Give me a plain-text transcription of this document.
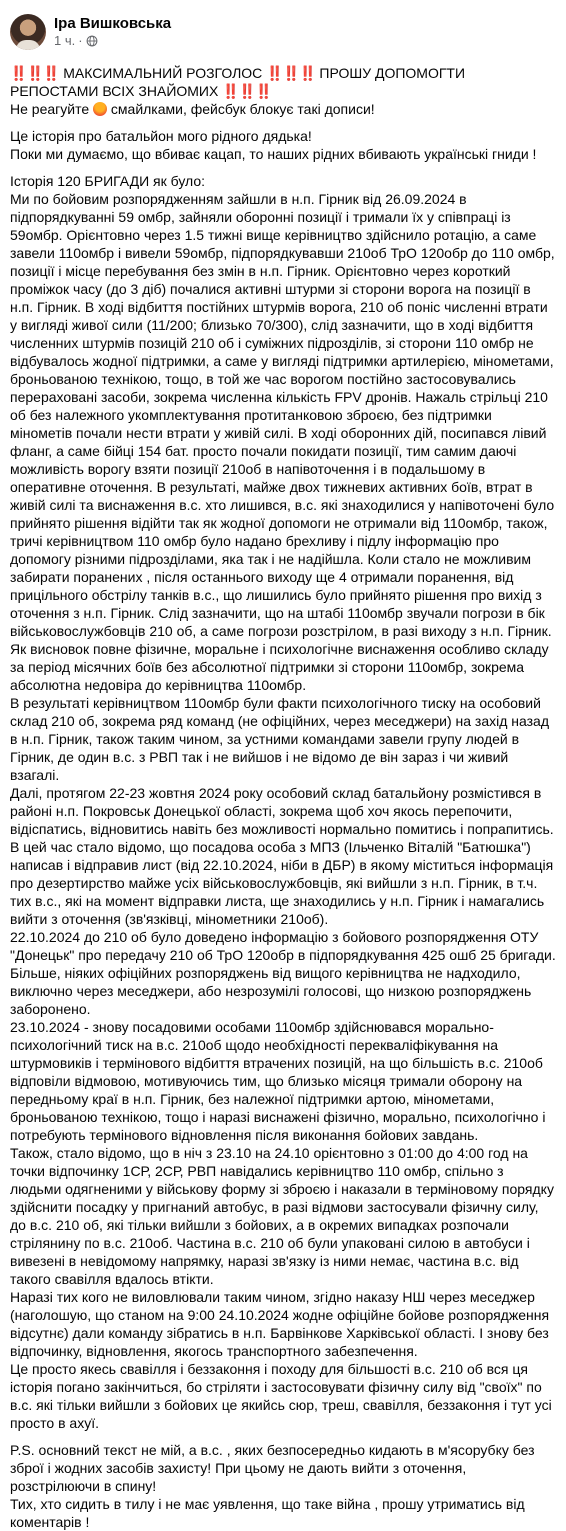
Іра Вишковська
1 ч. ·

‼️‼️‼️ МАКСИМАЛЬНИЙ РОЗГОЛОС ‼️‼️‼️ ПРОШУ ДОПОМОГТИ РЕПОСТАМИ ВСІХ ЗНАЙОМИХ ‼️‼️‼️

Не реагуйте смайлками, фейсбук блокує такі дописи!

Це історія про батальйон мого рідного дядька!

Поки ми думаємо, що вбиває кацап, то наших рідних вбивають українські гниди !

Історія 120 БРИГАДИ як було:

Ми по бойовим розпорядженням зайшли в н.п. Гірник від 26.09.2024 в підпорядкуванні 59 омбр, зайняли оборонні позиції і тримали їх у співпраці із 59омбр. Орієнтовно через 1.5 тижні вище керівництво здійснило ротацію, а саме завели 110омбр і вивели 59омбр, підпорядкувавши 210об ТрО 120обр до 110 омбр, позиції і місце перебування без змін в н.п. Гірник. Орієнтовно через короткий проміжок часу (до 3 діб) почалися активні штурми зі сторони ворога на позиції в н.п. Гірник. В ході відбиття постійних штурмів ворога, 210 об поніс численні втрати у вигляді живої сили (11/200; близько 70/300), слід зазначити, що в ході відбиття численних штурмів позицій 210 об і суміжних підрозділів, зі сторони 110 омбр не відбувалось жодної підтримки, а саме у вигляді підтримки артилерією, мінометами, броньованою технікою, тощо, в той же час ворогом постійно застосовувались перераховані засоби, зокрема численна кількість FPV дронів. Нажаль стрільці 210 об без належного укомплектування протитанковою зброєю, без підтримки мінометів почали нести втрати у живій силі. В ході оборонних дій, посипався лівий фланг, а саме бійці 154 бат. просто почали покидати позиції, тим самим даючі можливість ворогу взяти позиції 210об в напівоточення і в подальшому в оперативне оточення. В результаті, майже двох тижневих активних боїв, втрат в живій силі та виснаження в.с. хто лишився, в.с. які знаходилися у напівоточені було прийнято рішення відійти так як жодної допомоги не отримали від 110омбр, також, тричі керівництвом 110 омбр було надано брехливу і підлу інформацію про допомогу різними підрозділами, яка так і не надійшла. Коли стало не можливим забирати поранених , після останнього виходу ще 4 отримали поранення, від прицільного обстрілу танків в.с., що лишились було прийнято рішення про вихід з оточення з н.п. Гірник. Слід зазначити, що на штабі 110омбр звучали погрози в бік військовослужбовців 210 об, а саме погрози розстрілом, в разі виходу з н.п. Гірник.

Як висновок повне фізичне, моральне і психологічне виснаження особливо складу за період місячних боїв без абсолютної підтримки зі сторони 110омбр, зокрема абсолютна недовіра до керівництва 110омбр.

В результаті керівництвом 110омбр були факти психологічного тиску на особовий склад 210 об, зокрема ряд команд (не офіційних, через меседжери) на захід назад в н.п. Гірник, також таким чином, за устними командами завели групу людей в Гірник, де один в.с. з РВП так і не вийшов і не відомо де він зараз і чи живий взагалі.

Далі, протягом 22-23 жовтня 2024 року особовий склад батальйону розмістився в районі н.п. Покровськ Донецької області, зокрема щоб хоч якось перепочити, відіспатись, відновитись навіть без можливості нормально помитись і попрапитись. В цей час стало відомо, що посадова особа з МПЗ (Ільченко Віталій "Батюшка") написав і відправив лист (від 22.10.2024, ніби в ДБР) в якому міститься інформація про дезертирство майже усіх військовослужбовців, які вийшли з н.п. Гірник, в т.ч. тих в.с., які на момент відправки листа, ще знаходились у н.п. Гірник і намагались вийти з оточення (зв'язківці, мінометники 210об).

22.10.2024 до 210 об було доведено інформацію з бойового розпорядження ОТУ "Донецьк" про передачу 210 об ТрО 120обр в підпорядкування 425 ошб 25 бригади. Більше, ніяких офіційних розпоряджень від вищого керівництва не надходило, виключно через меседжери, або незрозумілі голосові, що низкою розпоряджень заборонено.

23.10.2024 - знову посадовими особами 110омбр здійснювався морально-психологічний тиск на в.с. 210об щодо необхідності перекваліфікування на штурмовиків і термінового відбиття втрачених позицій, на що більшість в.с. 210об відповіли відмовою, мотивуючись тим, що близько місяця тримали оборону на передньому краї в н.п. Гірник, без належної підтримки артою, мінометами, броньованою технікою, тощо і наразі виснажені фізично, морально, психологічно і потребують термінового відновлення після виконання бойових завдань.

Також, стало відомо, що в ніч з 23.10 на 24.10 орієнтовно з 01:00 до 4:00 год на точки відпочинку 1СР, 2СР, РВП навідались керівництво 110 омбр, спільно з людьми одягненими у військову форму зі зброєю і наказали в терміновому порядку здійснити посадку у пригнаний автобус, в разі відмови застосували фізичну силу, до в.с. 210 об, які тільки вийшли з бойових, а в окремих випадках розпочали стрілянину по в.с. 210об. Частина в.с. 210 об були упаковані силою в автобуси і вивезені в невідомому напрямку, наразі зв'язку із ними немає, частина в.с. від такого свавілля вдалось втікти.

Наразі тих кого не виловлювали таким чином, згідно наказу НШ через меседжер (наголошую, що станом на 9:00 24.10.2024 жодне офіційне бойове розпорядження відсутнє) дали команду зібратись в н.п. Барвінкове Харківської області. І знову без відпочинку, відновлення, якогось транспортного забезпечення.

Це просто якесь свавілля і беззаконня і походу для більшості в.с. 210 об вся ця історія погано закінчиться, бо стріляти і застосовувати фізичну силу від "своїх" по в.с. які тільки вийшли з бойових це якийсь сюр, треш, свавілля, беззаконня і тут усі просто в ахуї.

P.S. основний текст не мій, а в.с. , яких безпосередньо кидають в м'ясорубку без зброї і жодних засобів захисту! При цьому не дають вийти з оточення, розстрілюючи в спину!

Тих, хто сидить в тилу і не має уявлення, що таке війна , прошу утриматись від коментарів !
